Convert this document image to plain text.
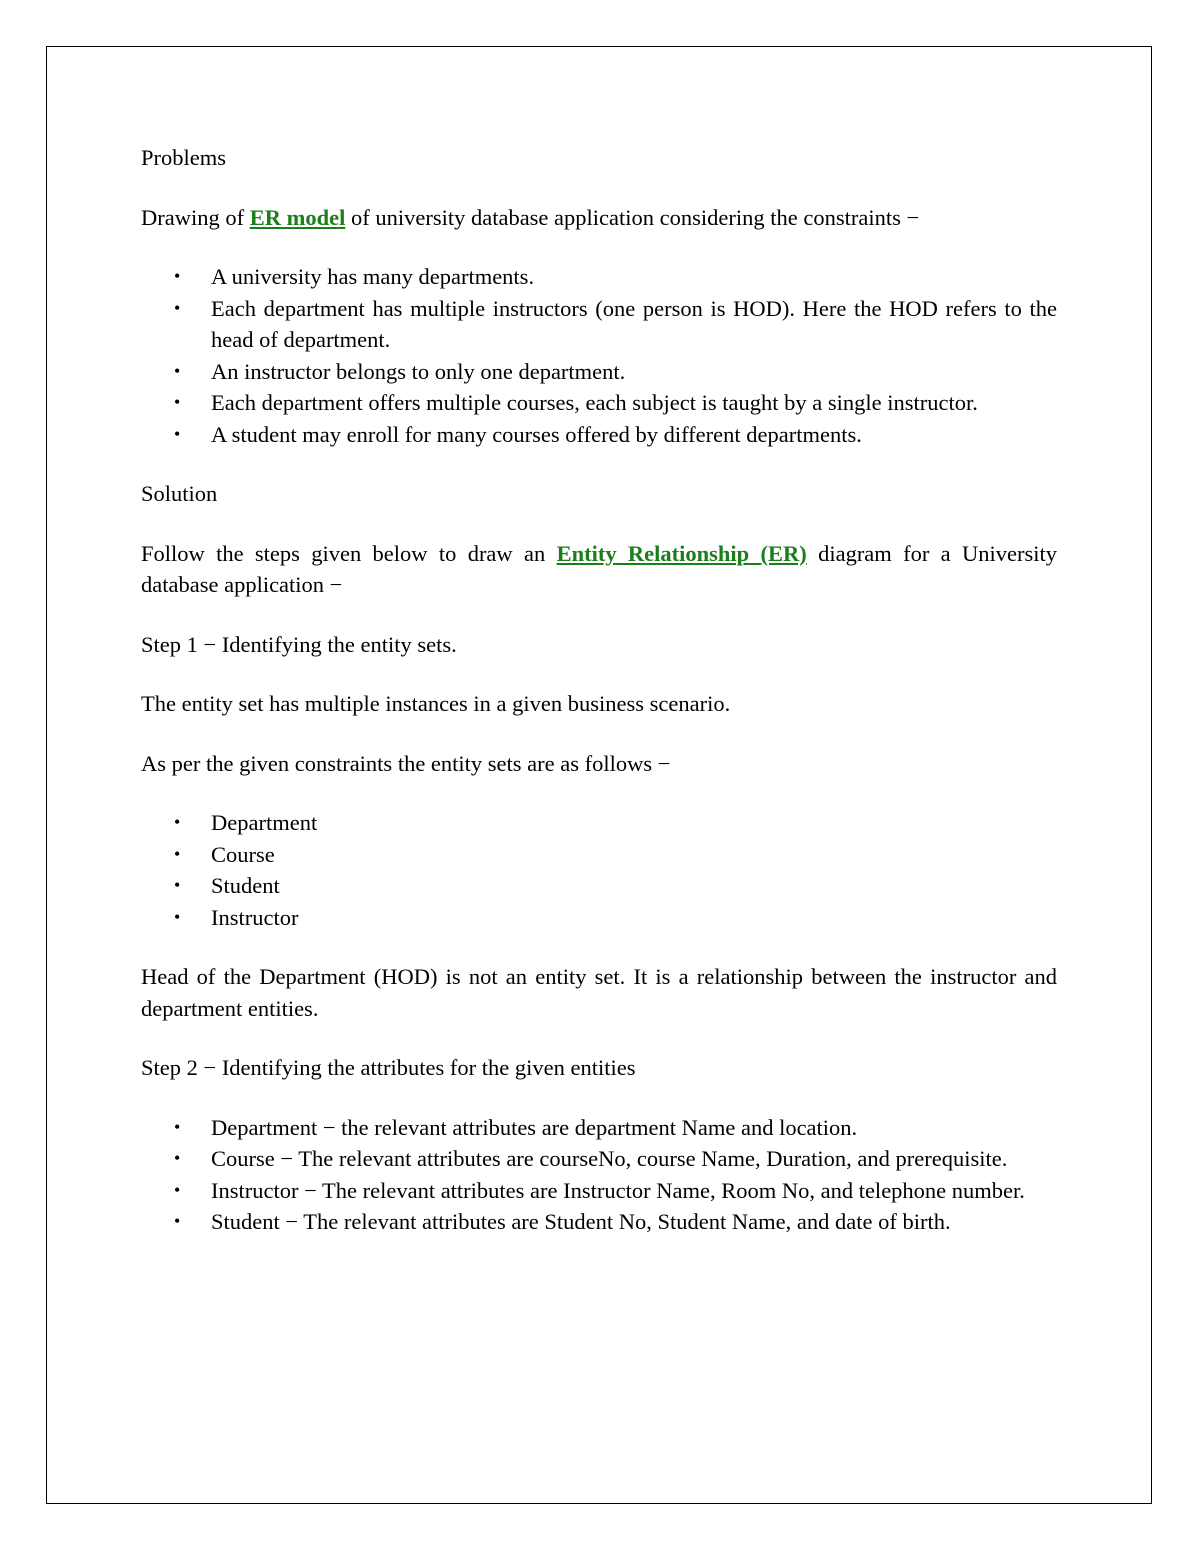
Problems

Drawing of ER model of university database application considering the constraints −

• A university has many departments.
• Each department has multiple instructors (one person is HOD). Here the HOD refers to the head of department.
• An instructor belongs to only one department.
• Each department offers multiple courses, each subject is taught by a single instructor.
• A student may enroll for many courses offered by different departments.

Solution

Follow the steps given below to draw an Entity Relationship (ER) diagram for a University database application −

Step 1 − Identifying the entity sets.

The entity set has multiple instances in a given business scenario.

As per the given constraints the entity sets are as follows −

• Department
• Course
• Student
• Instructor

Head of the Department (HOD) is not an entity set. It is a relationship between the instructor and department entities.

Step 2 − Identifying the attributes for the given entities

• Department − the relevant attributes are department Name and location.
• Course − The relevant attributes are courseNo, course Name, Duration, and prerequisite.
• Instructor − The relevant attributes are Instructor Name, Room No, and telephone number.
• Student − The relevant attributes are Student No, Student Name, and date of birth.
